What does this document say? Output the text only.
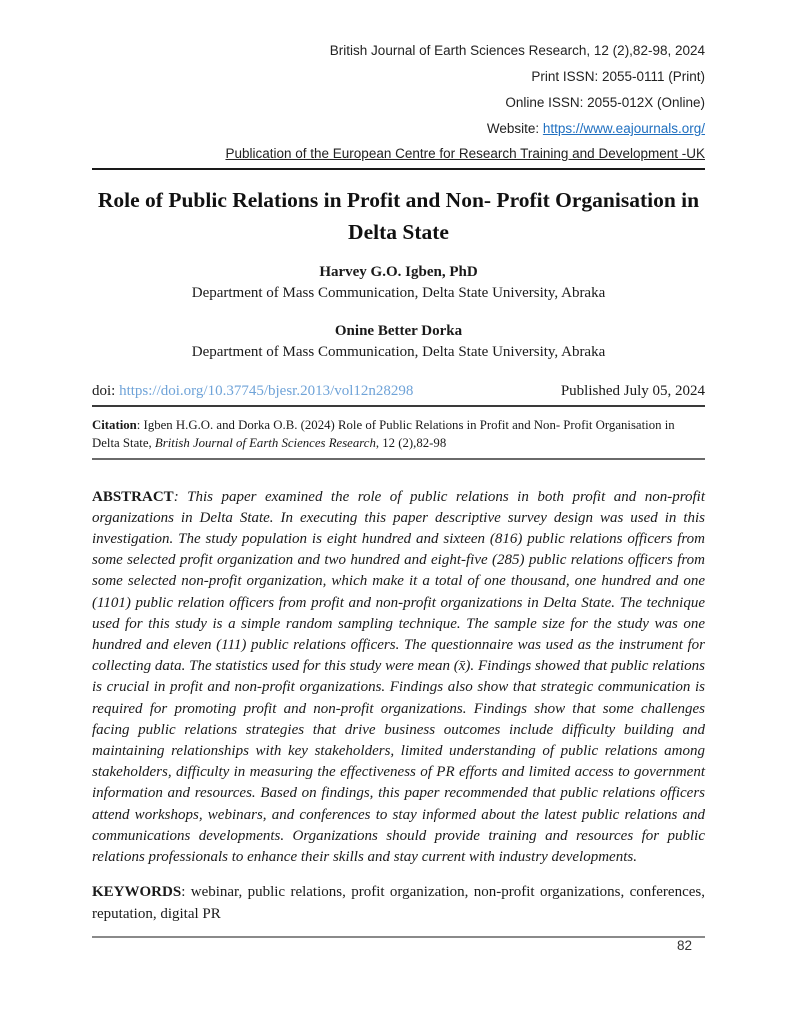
British Journal of Earth Sciences Research, 12 (2),82-98, 2024
Print ISSN: 2055-0111 (Print)
Online ISSN: 2055-012X (Online)
Website: https://www.eajournals.org/
Publication of the European Centre for Research Training and Development -UK
Role of Public Relations in Profit and Non- Profit Organisation in Delta State
Harvey G.O. Igben, PhD
Department of Mass Communication, Delta State University, Abraka
Onine Better Dorka
Department of Mass Communication, Delta State University, Abraka
doi: https://doi.org/10.37745/bjesr.2013/vol12n28298	Published July 05, 2024
Citation: Igben H.G.O. and Dorka O.B. (2024) Role of Public Relations in Profit and Non- Profit Organisation in Delta State, British Journal of Earth Sciences Research, 12 (2),82-98

ABSTRACT: This paper examined the role of public relations in both profit and non-profit organizations in Delta State. In executing this paper descriptive survey design was used in this investigation. The study population is eight hundred and sixteen (816) public relations officers from some selected profit organization and two hundred and eight-five (285) public relations officers from some selected non-profit organization, which make it a total of one thousand, one hundred and one (1101) public relation officers from profit and non-profit organizations in Delta State. The technique used for this study is a simple random sampling technique. The sample size for the study was one hundred and eleven (111) public relations officers. The questionnaire was used as the instrument for collecting data. The statistics used for this study were mean (x̄). Findings showed that public relations is crucial in profit and non-profit organizations. Findings also show that strategic communication is required for promoting profit and non-profit organizations. Findings show that some challenges facing public relations strategies that drive business outcomes include difficulty building and maintaining relationships with key stakeholders, limited understanding of public relations among stakeholders, difficulty in measuring the effectiveness of PR efforts and limited access to government information and resources. Based on findings, this paper recommended that public relations officers attend workshops, webinars, and conferences to stay informed about the latest public relations and communications developments. Organizations should provide training and resources for public relations professionals to enhance their skills and stay current with industry developments.

KEYWORDS: webinar, public relations, profit organization, non-profit organizations, conferences, reputation, digital PR

82
